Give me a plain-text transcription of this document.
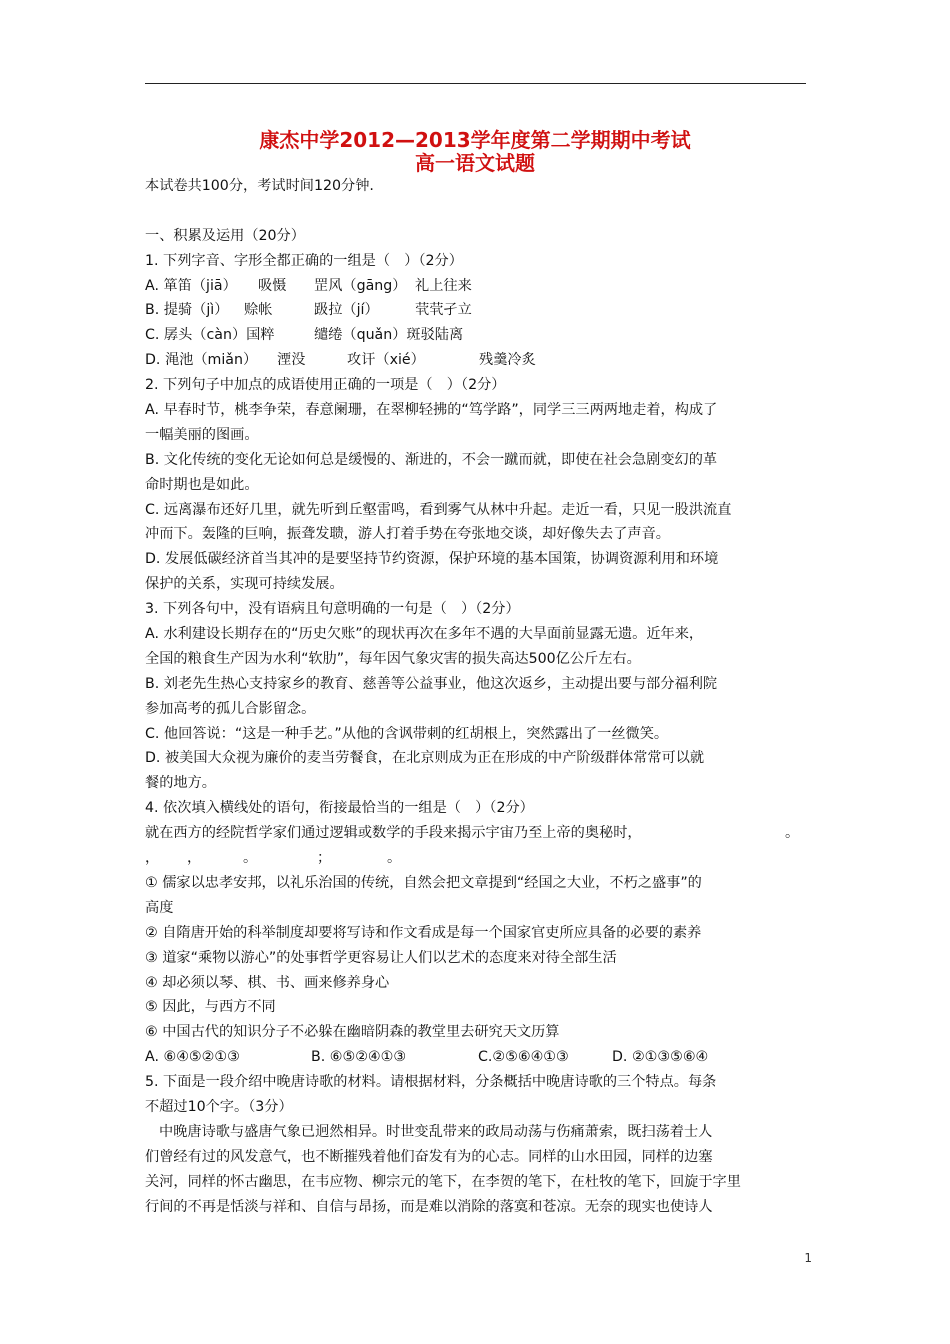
康杰中学2012—2013学年度第二学期期中考试
高一语文试题
本试卷共100分，考试时间120分钟.
一、积累及运用（20分）
1. 下列字音、字形全都正确的一组是（　）（2分）
A. 箪笛（jiā） 吸慑 罡风（gāng） 礼上往来
B. 提骑（jì） 赊帐	趿拉（jí）	茕茕孑立
C. 孱头（càn）国粹	缱绻（quǎn）斑驳陆离
D. 渑池（miǎn） 湮没	攻讦（xié）	残羹冷炙
2. 下列句子中加点的成语使用正确的一项是（　）（2分）
A. 早春时节，桃李争荣，春意阑珊，在翠柳轻拂的“笃学路”，同学三三两两地走着，构成了
一幅美丽的图画。
B. 文化传统的变化无论如何总是缓慢的、渐进的，不会一蹴而就，即使在社会急剧变幻的革
命时期也是如此。
C. 远离瀑布还好几里，就先听到丘壑雷鸣，看到雾气从林中升起。走近一看，只见一股洪流直
冲而下。轰隆的巨响，振聋发聩，游人打着手势在夸张地交谈，却好像失去了声音。
D. 发展低碳经济首当其冲的是要坚持节约资源，保护环境的基本国策，协调资源利用和环境
保护的关系，实现可持续发展。
3. 下列各句中，没有语病且句意明确的一句是（　）（2分）
A. 水利建设长期存在的“历史欠账”的现状再次在多年不遇的大旱面前显露无遗。近年来，
全国的粮食生产因为水利“软肋”，每年因气象灾害的损失高达500亿公斤左右。
B. 刘老先生热心支持家乡的教育、慈善等公益事业，他这次返乡，主动提出要与部分福利院
参加高考的孤儿合影留念。
C. 他回答说：“这是一种手艺。”从他的含讽带刺的红胡根上，突然露出了一丝微笑。
D. 被美国大众视为廉价的麦当劳餐食，在北京则成为正在形成的中产阶级群体常常可以就
餐的地方。
4. 依次填入横线处的语句，衔接最恰当的一组是（　）（2分）
就在西方的经院哲学家们通过逻辑或数学的手段来揭示宇宙乃至上帝的奥秘时，	。
， ，	。	；	。
① 儒家以忠孝安邦，以礼乐治国的传统，自然会把文章提到“经国之大业，不朽之盛事”的
高度
② 自隋唐开始的科举制度却要将写诗和作文看成是每一个国家官吏所应具备的必要的素养
③ 道家“乘物以游心”的处事哲学更容易让人们以艺术的态度来对待全部生活
④ 却必须以琴、棋、书、画来修养身心
⑤ 因此，与西方不同
⑥ 中国古代的知识分子不必躲在幽暗阴森的教堂里去研究天文历算
A. ⑥④⑤②①③	B. ⑥⑤②④①③	C.②⑤⑥④①③	D. ②①③⑤⑥④
5. 下面是一段介绍中晚唐诗歌的材料。请根据材料，分条概括中晚唐诗歌的三个特点。每条
不超过10个字。（3分）
中晚唐诗歌与盛唐气象已迥然相异。时世变乱带来的政局动荡与伤痛萧索，既扫荡着士人
们曾经有过的风发意气，也不断摧残着他们奋发有为的心志。同样的山水田园，同样的边塞
关河，同样的怀古幽思，在韦应物、柳宗元的笔下，在李贺的笔下，在杜牧的笔下，回旋于字里
行间的不再是恬淡与祥和、自信与昂扬，而是难以消除的落寞和苍凉。无奈的现实也使诗人
1
